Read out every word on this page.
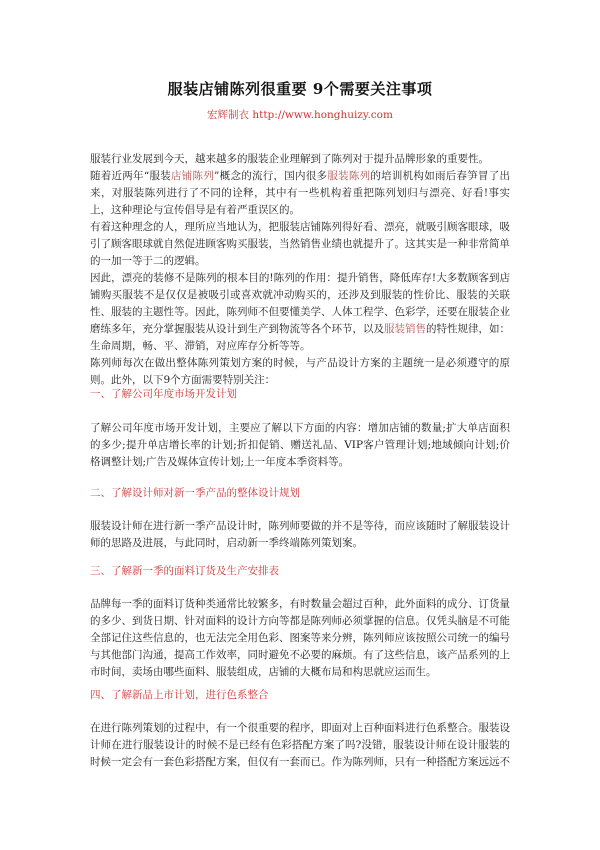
服装店铺陈列很重要 9个需要关注事项
宏辉制衣 http://www.honghuizy.com

服装行业发展到今天，越来越多的服装企业理解到了陈列对于提升品牌形象的重要性。

随着近两年“服装店铺陈列”概念的流行，国内很多服装陈列的培训机构如雨后春笋冒了出来，对服装陈列进行了不同的诠释，其中有一些机构着重把陈列划归与漂亮、好看!事实上，这种理论与宣传倡导是有着严重误区的。

有着这种理念的人，理所应当地认为，把服装店铺陈列得好看、漂亮，就吸引顾客眼球，吸引了顾客眼球就自然促进顾客购买服装，当然销售业绩也就提升了。这其实是一种非常简单的一加一等于二的逻辑。

因此，漂亮的装修不是陈列的根本目的!陈列的作用：提升销售，降低库存!大多数顾客到店铺购买服装不是仅仅是被吸引或喜欢就冲动购买的，还涉及到服装的性价比、服装的关联性、服装的主题性等。因此，陈列师不但要懂美学、人体工程学、色彩学，还要在服装企业磨练多年，充分掌握服装从设计到生产到物流等各个环节，以及服装销售的特性规律，如：生命周期，畅、平、滞销，对应库存分析等等。

陈列师每次在做出整体陈列策划方案的时候，与产品设计方案的主题统一是必须遵守的原则。此外，以下9个方面需要特别关注：

一、了解公司年度市场开发计划
了解公司年度市场开发计划，主要应了解以下方面的内容：增加店铺的数量;扩大单店面积的多少;提升单店增长率的计划;折扣促销、赠送礼品、VIP客户管理计划;地域倾向计划;价格调整计划;广告及媒体宣传计划;上一年度本季资料等。
二、了解设计师对新一季产品的整体设计规划
服装设计师在进行新一季产品设计时，陈列师要做的并不是等待，而应该随时了解服装设计师的思路及进展，与此同时，启动新一季终端陈列策划案。
三、了解新一季的面料订货及生产安排表
品牌每一季的面料订货种类通常比较繁多，有时数量会超过百种，此外面料的成分、订货量的多少、到货日期、针对面料的设计方向等都是陈列师必须掌握的信息。仅凭头脑是不可能全部记住这些信息的，也无法完全用色彩、图案等来分辨，陈列师应该按照公司统一的编号与其他部门沟通，提高工作效率，同时避免不必要的麻烦。有了这些信息，该产品系列的上市时间，卖场由哪些面料、服装组成，店铺的大概布局和构思就应运而生。
四、了解新品上市计划，进行色系整合
在进行陈列策划的过程中，有一个很重要的程序，即面对上百种面料进行色系整合。服装设计师在进行服装设计的时候不是已经有色彩搭配方案了吗?没错，服装设计师在设计服装的时候一定会有一套色彩搭配方案，但仅有一套而已。作为陈列师，只有一种搭配方案远远不
